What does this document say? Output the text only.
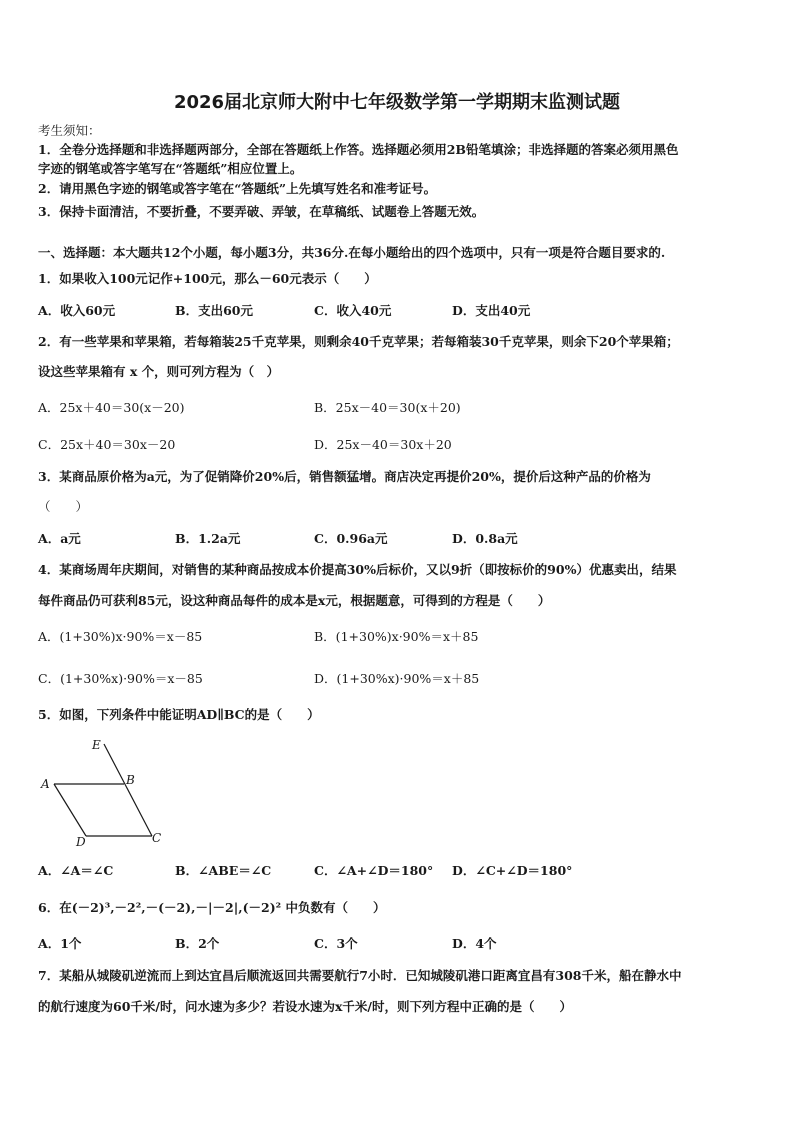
2026届北京师大附中七年级数学第一学期期末监测试题
考生须知：
1．全卷分选择题和非选择题两部分，全部在答题纸上作答。选择题必须用2B铅笔填涂；非选择题的答案必须用黑色
字迹的钢笔或答字笔写在“答题纸”相应位置上。
2．请用黑色字迹的钢笔或答字笔在“答题纸”上先填写姓名和准考证号。
3．保持卡面清洁，不要折叠，不要弄破、弄皱，在草稿纸、试题卷上答题无效。
一、选择题：本大题共12个小题，每小题3分，共36分.在每小题给出的四个选项中，只有一项是符合题目要求的.
1．如果收入100元记作+100元，那么－60元表示（　　）
A．收入60元	B．支出60元	C．收入40元	D．支出40元
2．有一些苹果和苹果箱，若每箱装25千克苹果，则剩余40千克苹果；若每箱装30千克苹果，则余下20个苹果箱；
设这些苹果箱有 x 个，则可列方程为（　）
A．25x＋40＝30(x－20)	B．25x－40＝30(x＋20)
C．25x＋40＝30x－20	D．25x－40＝30x＋20
3．某商品原价格为a元，为了促销降价20%后，销售额猛增。商店决定再提价20%，提价后这种产品的价格为
（　　）
A．a元	B．1.2a元	C．0.96a元	D．0.8a元
4．某商场周年庆期间，对销售的某种商品按成本价提高30%后标价，又以9折（即按标价的90%）优惠卖出，结果
每件商品仍可获利85元，设这种商品每件的成本是x元，根据题意，可得到的方程是（　　）
A．(1+30%)x·90%＝x－85	B．(1+30%)x·90%＝x＋85
C．(1+30%x)·90%＝x－85	D．(1+30%x)·90%＝x＋85
5．如图，下列条件中能证明AD∥BC的是（　　）
E
A	B
D	C
A．∠A＝∠C	B．∠ABE＝∠C	C．∠A+∠D＝180° D．∠C+∠D＝180°
6．在(－2)³,－2²,－(－2),－|－2|,(－2)² 中负数有（　　）
A．1个	B．2个	C．3个	D．4个
7．某船从城陵矶逆流而上到达宜昌后顺流返回共需要航行7小时．已知城陵矶港口距离宜昌有308千米，船在静水中
的航行速度为60千米/时，问水速为多少？若设水速为x千米/时，则下列方程中正确的是（　　）
